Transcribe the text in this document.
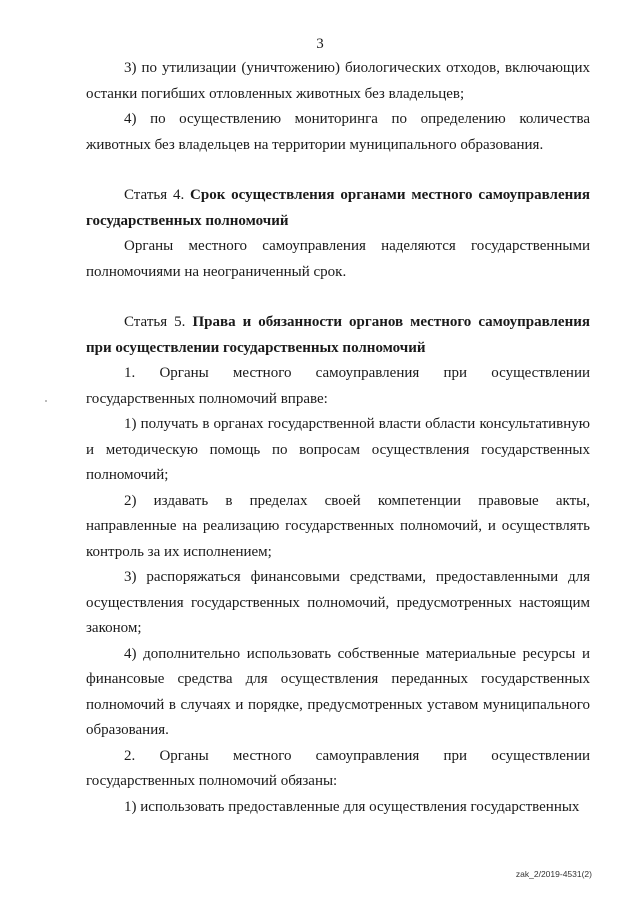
3

3) по утилизации (уничтожению) биологических отходов, включающих останки погибших отловленных животных без владельцев;

4) по осуществлению мониторинга по определению количества животных без владельцев на территории муниципального образования.

Статья 4. Срок осуществления органами местного самоуправления государственных полномочий

Органы местного самоуправления наделяются государственными полномочиями на неограниченный срок.

Статья 5. Права и обязанности органов местного самоуправления при осуществлении государственных полномочий

1. Органы местного самоуправления при осуществлении государственных полномочий вправе:

1) получать в органах государственной власти области консультативную и методическую помощь по вопросам осуществления государственных полномочий;

2) издавать в пределах своей компетенции правовые акты, направленные на реализацию государственных полномочий, и осуществлять контроль за их исполнением;

3) распоряжаться финансовыми средствами, предоставленными для осуществления государственных полномочий, предусмотренных настоящим законом;

4) дополнительно использовать собственные материальные ресурсы и финансовые средства для осуществления переданных государственных полномочий в случаях и порядке, предусмотренных уставом муниципального образования.

2. Органы местного самоуправления при осуществлении государственных полномочий обязаны:

1) использовать предоставленные для осуществления государственных

zak_2/2019-4531(2)
